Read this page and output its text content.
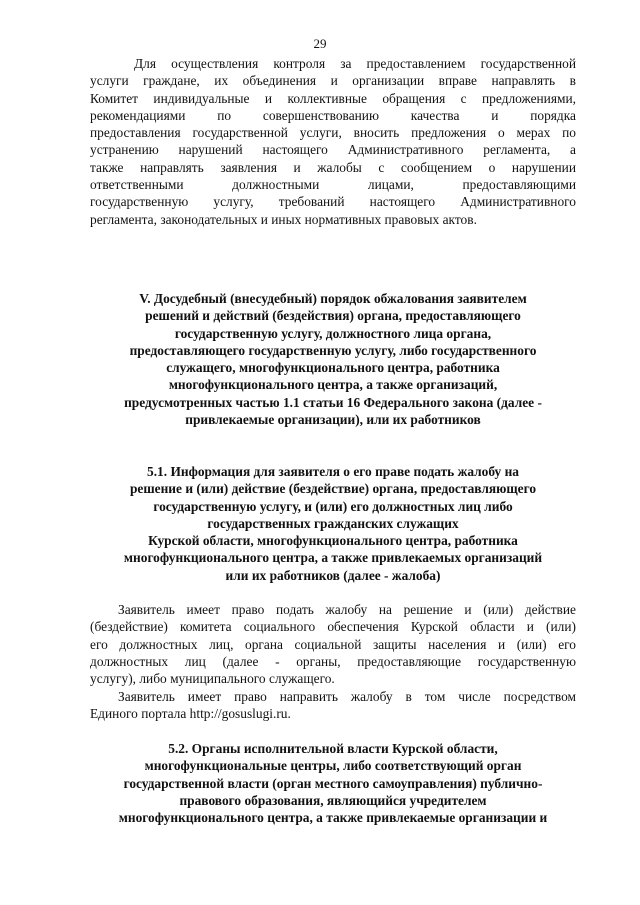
29
Для осуществления контроля за предоставлением государственной
услуги граждане, их объединения и организации вправе направлять в
Комитет индивидуальные и коллективные обращения с предложениями,
рекомендациями по совершенствованию качества и порядка
предоставления государственной услуги, вносить предложения о мерах по
устранению нарушений настоящего Административного регламента, а
также направлять заявления и жалобы с сообщением о нарушении
ответственными должностными лицами, предоставляющими
государственную услугу, требований настоящего Административного
регламента, законодательных и иных нормативных правовых актов.
V. Досудебный (внесудебный) порядок обжалования заявителем
решений и действий (бездействия) органа, предоставляющего
государственную услугу, должностного лица органа,
предоставляющего государственную услугу, либо государственного
служащего, многофункционального центра, работника
многофункционального центра, а также организаций,
предусмотренных частью 1.1 статьи 16 Федерального закона (далее -
привлекаемые организации), или их работников
5.1. Информация для заявителя о его праве подать жалобу на
решение и (или) действие (бездействие) органа, предоставляющего
государственную услугу, и (или) его должностных лиц либо
государственных гражданских служащих
Курской области, многофункционального центра, работника
многофункционального центра, а также привлекаемых организаций
или их работников (далее - жалоба)
Заявитель имеет право подать жалобу на решение и (или) действие
(бездействие) комитета социального обеспечения Курской области и (или)
его должностных лиц, органа социальной защиты населения и (или) его
должностных лиц (далее - органы, предоставляющие государственную
услугу), либо муниципального служащего.
Заявитель имеет право направить жалобу в том числе посредством
Единого портала http://gosuslugi.ru.
5.2. Органы исполнительной власти Курской области,
многофункциональные центры, либо соответствующий орган
государственной власти (орган местного самоуправления) публично-
правового образования, являющийся учредителем
многофункционального центра, а также привлекаемые организации и
